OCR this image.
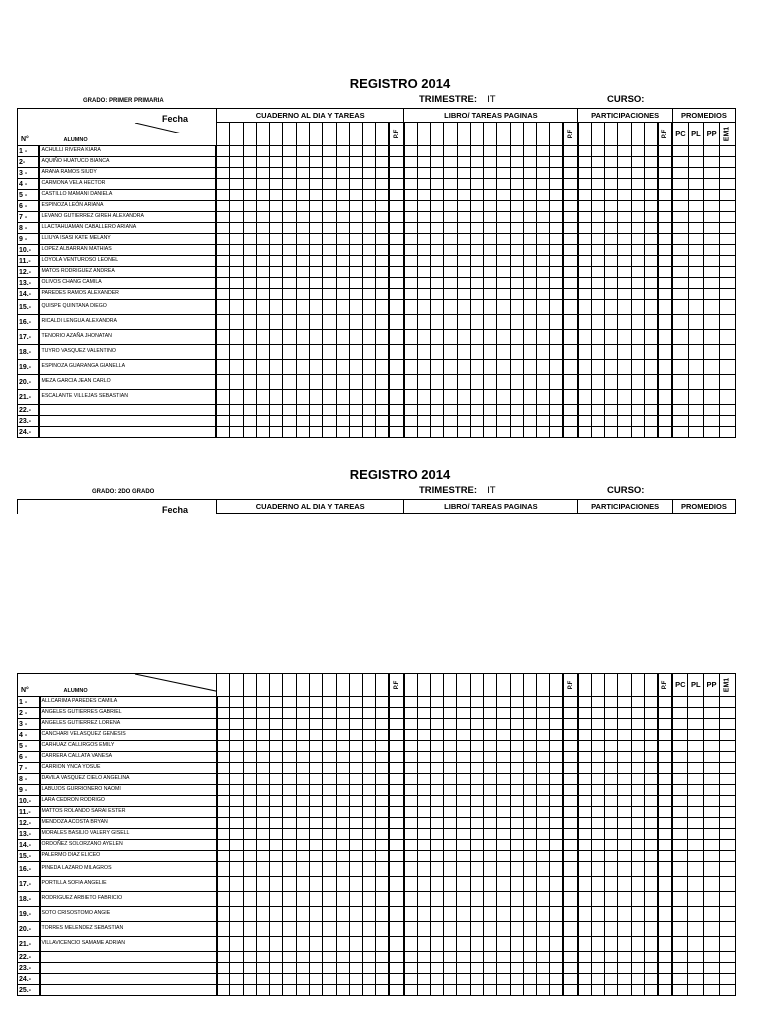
REGISTRO 2014
GRADO: PRIMER PRIMARIA	TRIMESTRE: IT	CURSO:
Fecha		CUADERNO AL DIA Y TAREAS														LIBRO/ TAREAS PAGINAS													PARTICIPACIONES							PROMEDIOS			

N°	ALUMNO														P.F													P.F							P.F	PC	PL	PP	EM1

1 -	ACHULLI RIVERA KIARA																																						
2-	AQUIÑO HUATUCO BIANCA																																						
3 -	ARANA RAMOS SIUDY																																						
4 -	CARMONA VELA HECTOR																																						
5 -	CASTILLO MAMANI DANIELA																																						
6 -	ESPINOZA LEÓN ARIANA																																						
7 -	LEVANO GUTIERREZ GIREH ALEXANDRA																																						
8 -	LLACTAHUAMAN CABALLERO ARIANA																																						
9 -	LLIUYA ISASI KATE MELANY																																						
10.-	LOPEZ ALBARRAN MATHIAS																																						
11.-	LOYOLA VENTUROSO LEONEL																																						
12.-	MATOS RODRIGUEZ ANDREA																																						
13.-	OLIVOS CHANG CAMILA																																						
14.-	PAREDES RAMOS ALEXANDER																																						
15.-	QUISPE QUINTANA DIEGO																																						
16.-	RICALDI LENGUA ALEXANDRA																																						
17.-	TENORIO AZAÑA JHONATAN																																						
18.-	TUYRO VASQUEZ VALENTINO																																						
19.-	ESPINOZA GUARANGA GIANELLA																																						
20.-	MEZA GARCIA JEAN CARLO																																						
21.-	ESCALANTE VILLEJAS SEBASTIAN																																						
22.-																																							
23.-																																							
24.-																																							
REGISTRO 2014
GRADO: 2DO GRADO	TRIMESTRE: IT	CURSO:
Fecha	CUADERNO AL DIA Y TAREAS	LIBRO/ TAREAS PAGINAS	PARTICIPACIONES	PROMEDIOS
N°	ALUMNO														P.F													P.F							P.F	PC	PL	PP	EM1

1 -	ALLCARIMA PAREDES CAMILA																																						
2 -	ANGELES GUTIERRES GABRIEL																																						
3 -	ANGELES GUTIERREZ LORENA																																						
4 -	CANCHARI VELASQUEZ GENESIS																																						
5 -	CARHUAZ CALLIRGOS EMILY																																						
6 -	CARRERA CALLATA VANESA																																						
7 -	CARRION YNCA YOSUE																																						
8 -	DAVILA VASQUEZ CIELO ANGELINA																																						
9 -	LABUJOS GURRIONERO NAOMI																																						
10.-	LARA CEDRON RODRIGO																																						
11.-	MATTOS ROLANDO SARAI ESTER																																						
12.-	MENDOZA ACOSTA BRYAN																																						
13.-	MORALES BASILIO VALERY GISELL																																						
14.-	ORDOÑEZ SOLORZANO AYELEN																																						
15.-	PALERMO DIAZ ELICEO																																						
16.-	PINEDA LAZARO MILAGROS																																						
17.-	PORTILLA SOFIA ANGELIE																																						
18.-	RODRIGUEZ ARBIETO FABRICIO																																						
19.-	SOTO CRISOSTOMO ANGIE																																						
20.-	TORRES MELENDEZ SEBASTIAN																																						
21.-	VILLAVICENCIO SAMAME ADRIAN																																						
22.-																																							
23.-																																							
24.-																																							
25.-																																							
